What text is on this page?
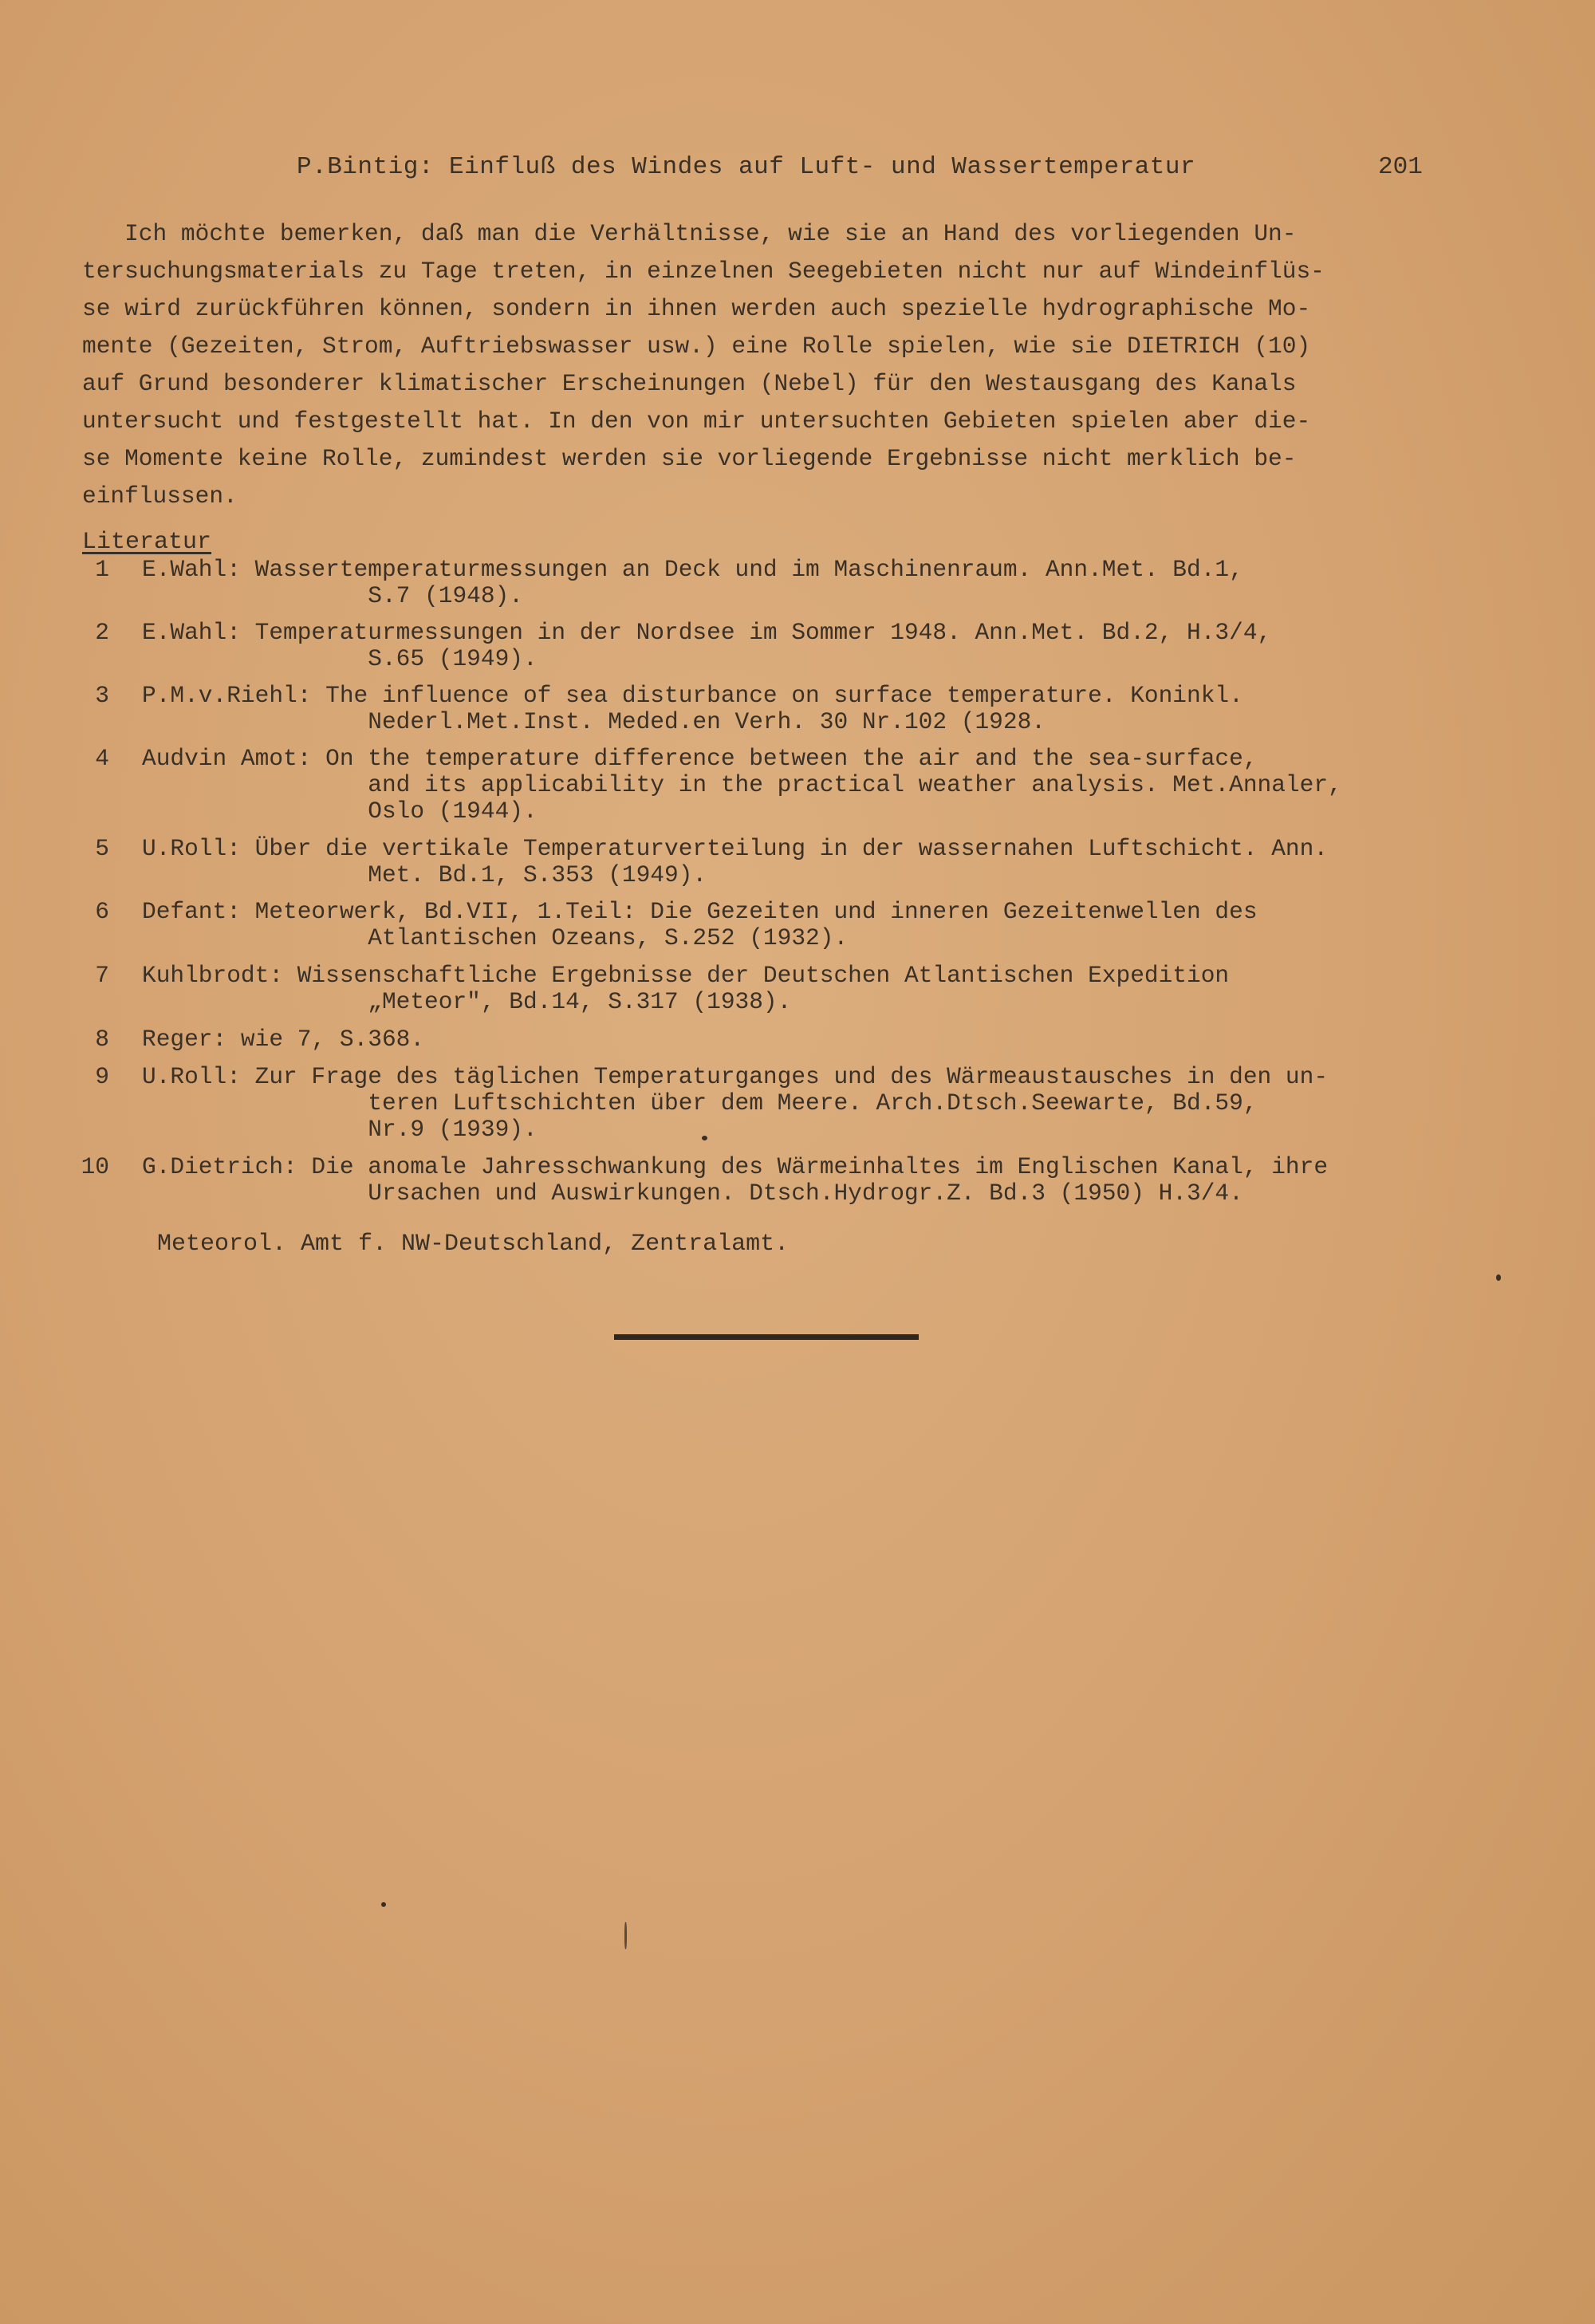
P.Bintig: Einfluß des Windes auf Luft- und Wassertemperatur	201
Ich möchte bemerken, daß man die Verhältnisse, wie sie an Hand des vorliegenden Un-
tersuchungsmaterials zu Tage treten, in einzelnen Seegebieten nicht nur auf Windeinflüs-
se wird zurückführen können, sondern in ihnen werden auch spezielle hydrographische Mo-
mente (Gezeiten, Strom, Auftriebswasser usw.) eine Rolle spielen, wie sie DIETRICH (10)
auf Grund besonderer klimatischer Erscheinungen (Nebel) für den Westausgang des Kanals
untersucht und festgestellt hat. In den von mir untersuchten Gebieten spielen aber die-
se Momente keine Rolle, zumindest werden sie vorliegende Ergebnisse nicht merklich be-
einflussen.
Literatur
1 E.Wahl: Wassertemperaturmessungen an Deck und im Maschinenraum. Ann.Met. Bd.1,
S.7 (1948).
2 E.Wahl: Temperaturmessungen in der Nordsee im Sommer 1948. Ann.Met. Bd.2, H.3/4,
S.65 (1949).
3 P.M.v.Riehl: The influence of sea disturbance on surface temperature. Koninkl.
Nederl.Met.Inst. Meded.en Verh. 30 Nr.102 (1928.
4 Audvin Amot: On the temperature difference between the air and the sea-surface,
and its applicability in the practical weather analysis. Met.Annaler,
Oslo (1944).
5 U.Roll: Über die vertikale Temperaturverteilung in der wassernahen Luftschicht. Ann.
Met. Bd.1, S.353 (1949).
6 Defant: Meteorwerk, Bd.VII, 1.Teil: Die Gezeiten und inneren Gezeitenwellen des
Atlantischen Ozeans, S.252 (1932).
7 Kuhlbrodt: Wissenschaftliche Ergebnisse der Deutschen Atlantischen Expedition
„Meteor", Bd.14, S.317 (1938).
8 Reger: wie 7, S.368.
9 U.Roll: Zur Frage des täglichen Temperaturganges und des Wärmeaustausches in den un-
teren Luftschichten über dem Meere. Arch.Dtsch.Seewarte, Bd.59,
Nr.9 (1939).
10 G.Dietrich: Die anomale Jahresschwankung des Wärmeinhaltes im Englischen Kanal, ihre
Ursachen und Auswirkungen. Dtsch.Hydrogr.Z. Bd.3 (1950) H.3/4.
Meteorol. Amt f. NW-Deutschland, Zentralamt.
